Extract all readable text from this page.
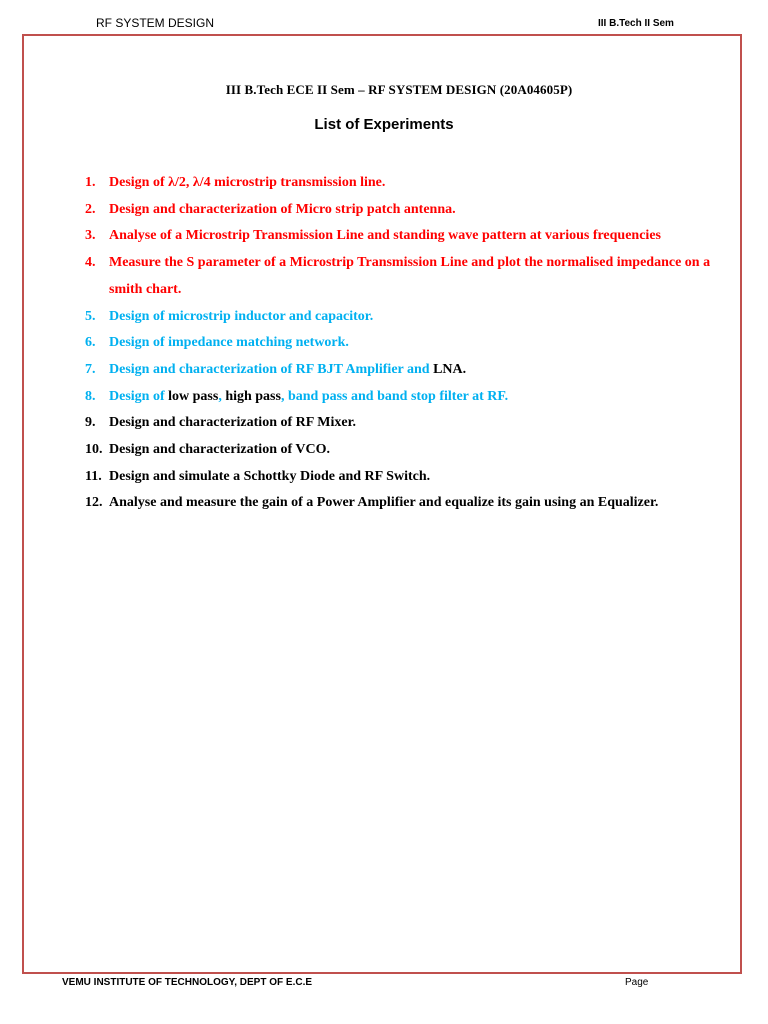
RF SYSTEM DESIGN	III B.Tech II Sem
III B.Tech ECE II Sem – RF SYSTEM DESIGN (20A04605P)
List of Experiments
1. Design of λ/2, λ/4 microstrip transmission line.
2. Design and characterization of Micro strip patch antenna.
3. Analyse of a Microstrip Transmission Line and standing wave pattern at various frequencies
4. Measure the S parameter of a Microstrip Transmission Line and plot the normalised impedance on a smith chart.
5. Design of microstrip inductor and capacitor.
6. Design of impedance matching network.
7. Design and characterization of RF BJT Amplifier and LNA.
8. Design of low pass, high pass, band pass and band stop filter at RF.
9. Design and characterization of RF Mixer.
10. Design and characterization of VCO.
11. Design and simulate a Schottky Diode and RF Switch.
12. Analyse and measure the gain of a Power Amplifier and equalize its gain using an Equalizer.
VEMU INSTITUTE OF TECHNOLOGY, DEPT OF E.C.E	Page
